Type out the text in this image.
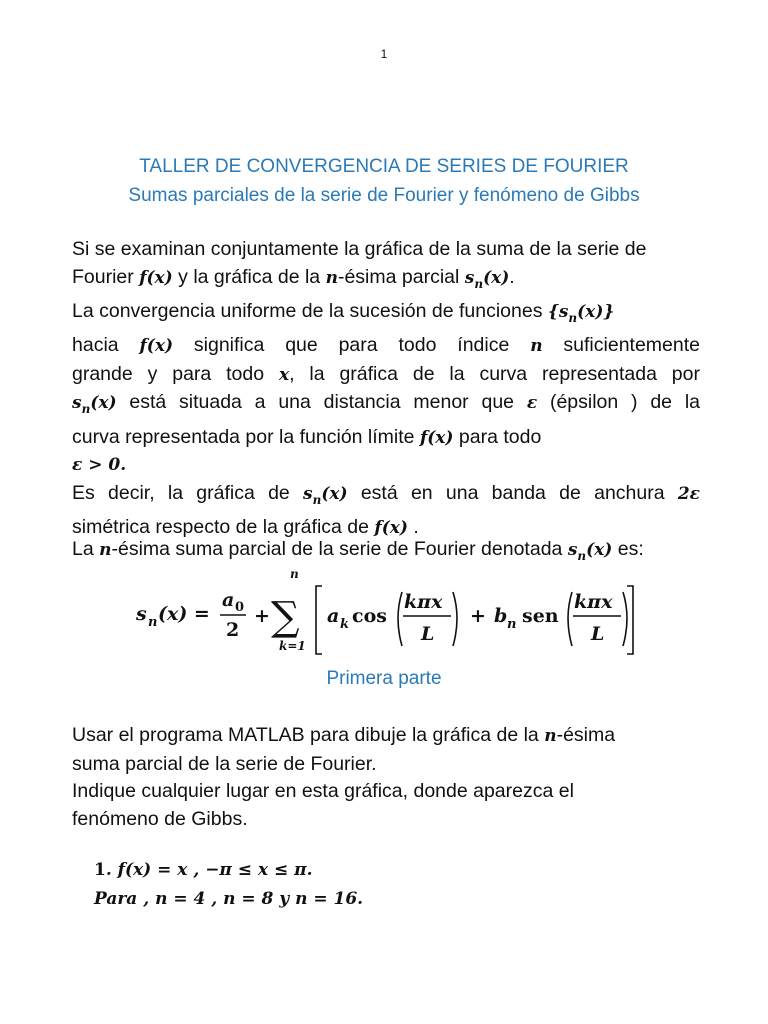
1
TALLER DE CONVERGENCIA DE SERIES DE FOURIER
Sumas parciales de la serie de Fourier y fenómeno de Gibbs
Si se examinan conjuntamente la gráfica de la suma de la serie de
Fourier f(x) y la gráfica de la n-ésima parcial $s_n(x)$.
La convergencia uniforme de la sucesión de funciones $\{s_n(x)\}$
hacia f(x) significa que para todo índice n suficientemente
grande y para todo x, la gráfica de la curva representada por
$s_n(x)$ está situada a una distancia menor que ε (épsilon ) de la
curva representada por la función límite f(x) para todo
ε > 0.
Es decir, la gráfica de $s_n(x)$ está en una banda de anchura 2ε
simétrica respecto de la gráfica de f(x) .
La n-ésima suma parcial de la serie de Fourier denotada $s_n(x)$ es:
s n (x) =
a 0
2
+
n
∑
k=1
a k cos
kπx
L
+ b n sen
kπx
L
Primera parte
Usar el programa MATLAB para dibuje la gráfica de la n-ésima
suma parcial de la serie de Fourier.
Indique cualquier lugar en esta gráfica, donde aparezca el
fenómeno de Gibbs.
1. f(x) = x , −π ≤ x ≤ π.
Para , n = 4 , n = 8 y n = 16.
